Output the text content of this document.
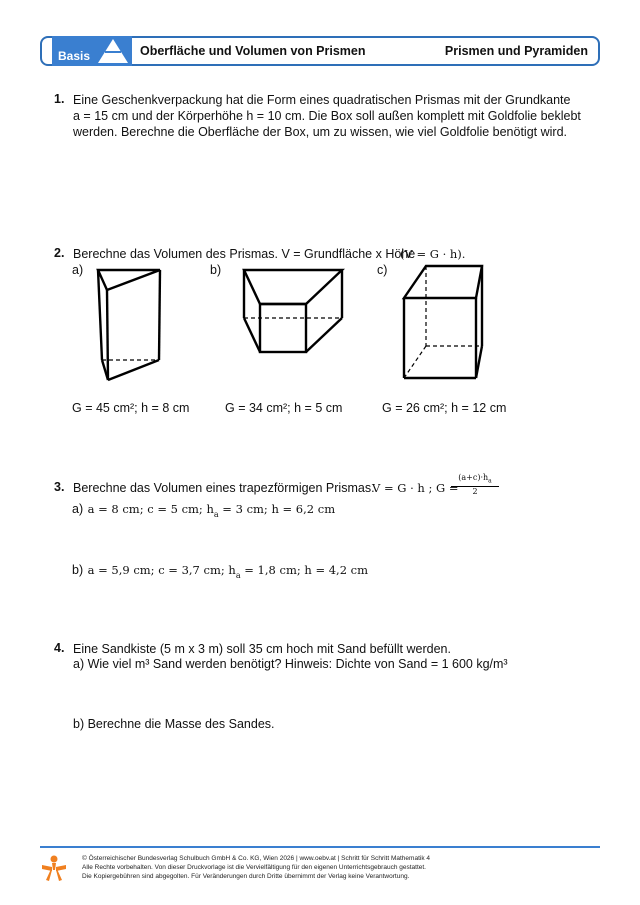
Basis	Oberfläche und Volumen von Prismen	Prismen und Pyramiden
1. Eine Geschenkverpackung hat die Form eines quadratischen Prismas mit der Grundkante
a = 15 cm und der Körperhöhe h = 10 cm. Die Box soll außen komplett mit Goldfolie beklebt
werden. Berechne die Oberfläche der Box, um zu wissen, wie viel Goldfolie benötigt wird.
2. Berechne das Volumen des Prismas. V = Grundfläche x Höhe
(V = G · h).
a)	b)	c)
G = 45 cm²; h = 8 cm	G = 34 cm²; h = 5 cm	G = 26 cm²; h = 12 cm
3. Berechne das Volumen eines trapezförmigen Prismas.
V = G · h ; G =
$(a+c)\cdot h_a$
2
a) a = 8 cm; c = 5 cm; $h_a = 3$ cm; h = 6,2 cm
b) a = 5,9 cm; c = 3,7 cm; $h_a = 1,8$ cm; h = 4,2 cm
4. Eine Sandkiste (5 m x 3 m) soll 35 cm hoch mit Sand befüllt werden.
a) Wie viel m³ Sand werden benötigt? Hinweis: Dichte von Sand = 1 600 kg/m³
b) Berechne die Masse des Sandes.
© Österreichischer Bundesverlag Schulbuch GmbH & Co. KG, Wien 2026 | www.oebv.at | Schritt für Schritt Mathematik 4
Alle Rechte vorbehalten. Von dieser Druckvorlage ist die Vervielfältigung für den eigenen Unterrichtsgebrauch gestattet.
Die Kopiergebühren sind abgegolten. Für Veränderungen durch Dritte übernimmt der Verlag keine Verantwortung.
